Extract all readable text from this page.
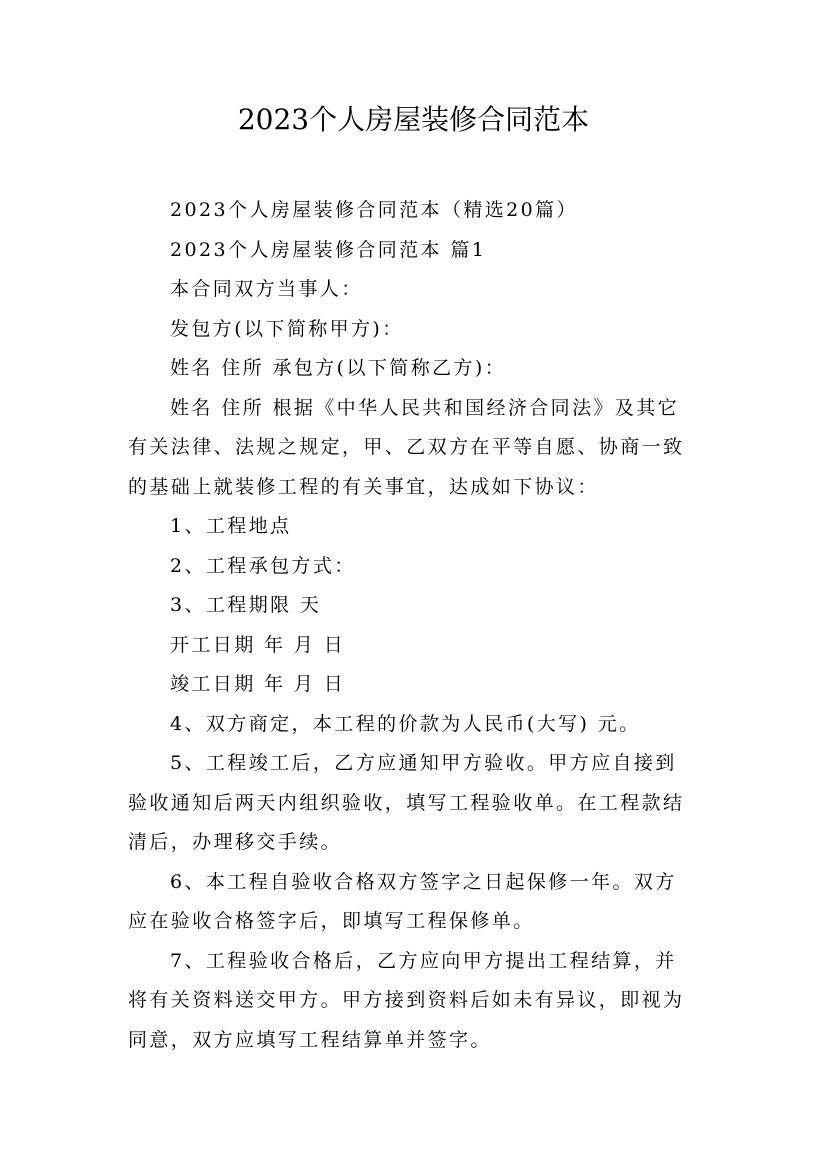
2023个人房屋装修合同范本

2023个人房屋装修合同范本（精选20篇）

2023个人房屋装修合同范本 篇1

本合同双方当事人：

发包方(以下简称甲方)：

姓名 住所 承包方(以下简称乙方)：

姓名 住所 根据《中华人民共和国经济合同法》及其它
有关法律、法规之规定，甲、乙双方在平等自愿、协商一致
的基础上就装修工程的有关事宜，达成如下协议：

1、工程地点

2、工程承包方式：

3、工程期限 天

开工日期 年 月 日

竣工日期 年 月 日

4、双方商定，本工程的价款为人民币(大写) 元。

5、工程竣工后，乙方应通知甲方验收。甲方应自接到
验收通知后两天内组织验收，填写工程验收单。在工程款结
清后，办理移交手续。
6、本工程自验收合格双方签字之日起保修一年。双方
应在验收合格签字后，即填写工程保修单。
7、工程验收合格后，乙方应向甲方提出工程结算，并
将有关资料送交甲方。甲方接到资料后如未有异议，即视为
同意，双方应填写工程结算单并签字。
